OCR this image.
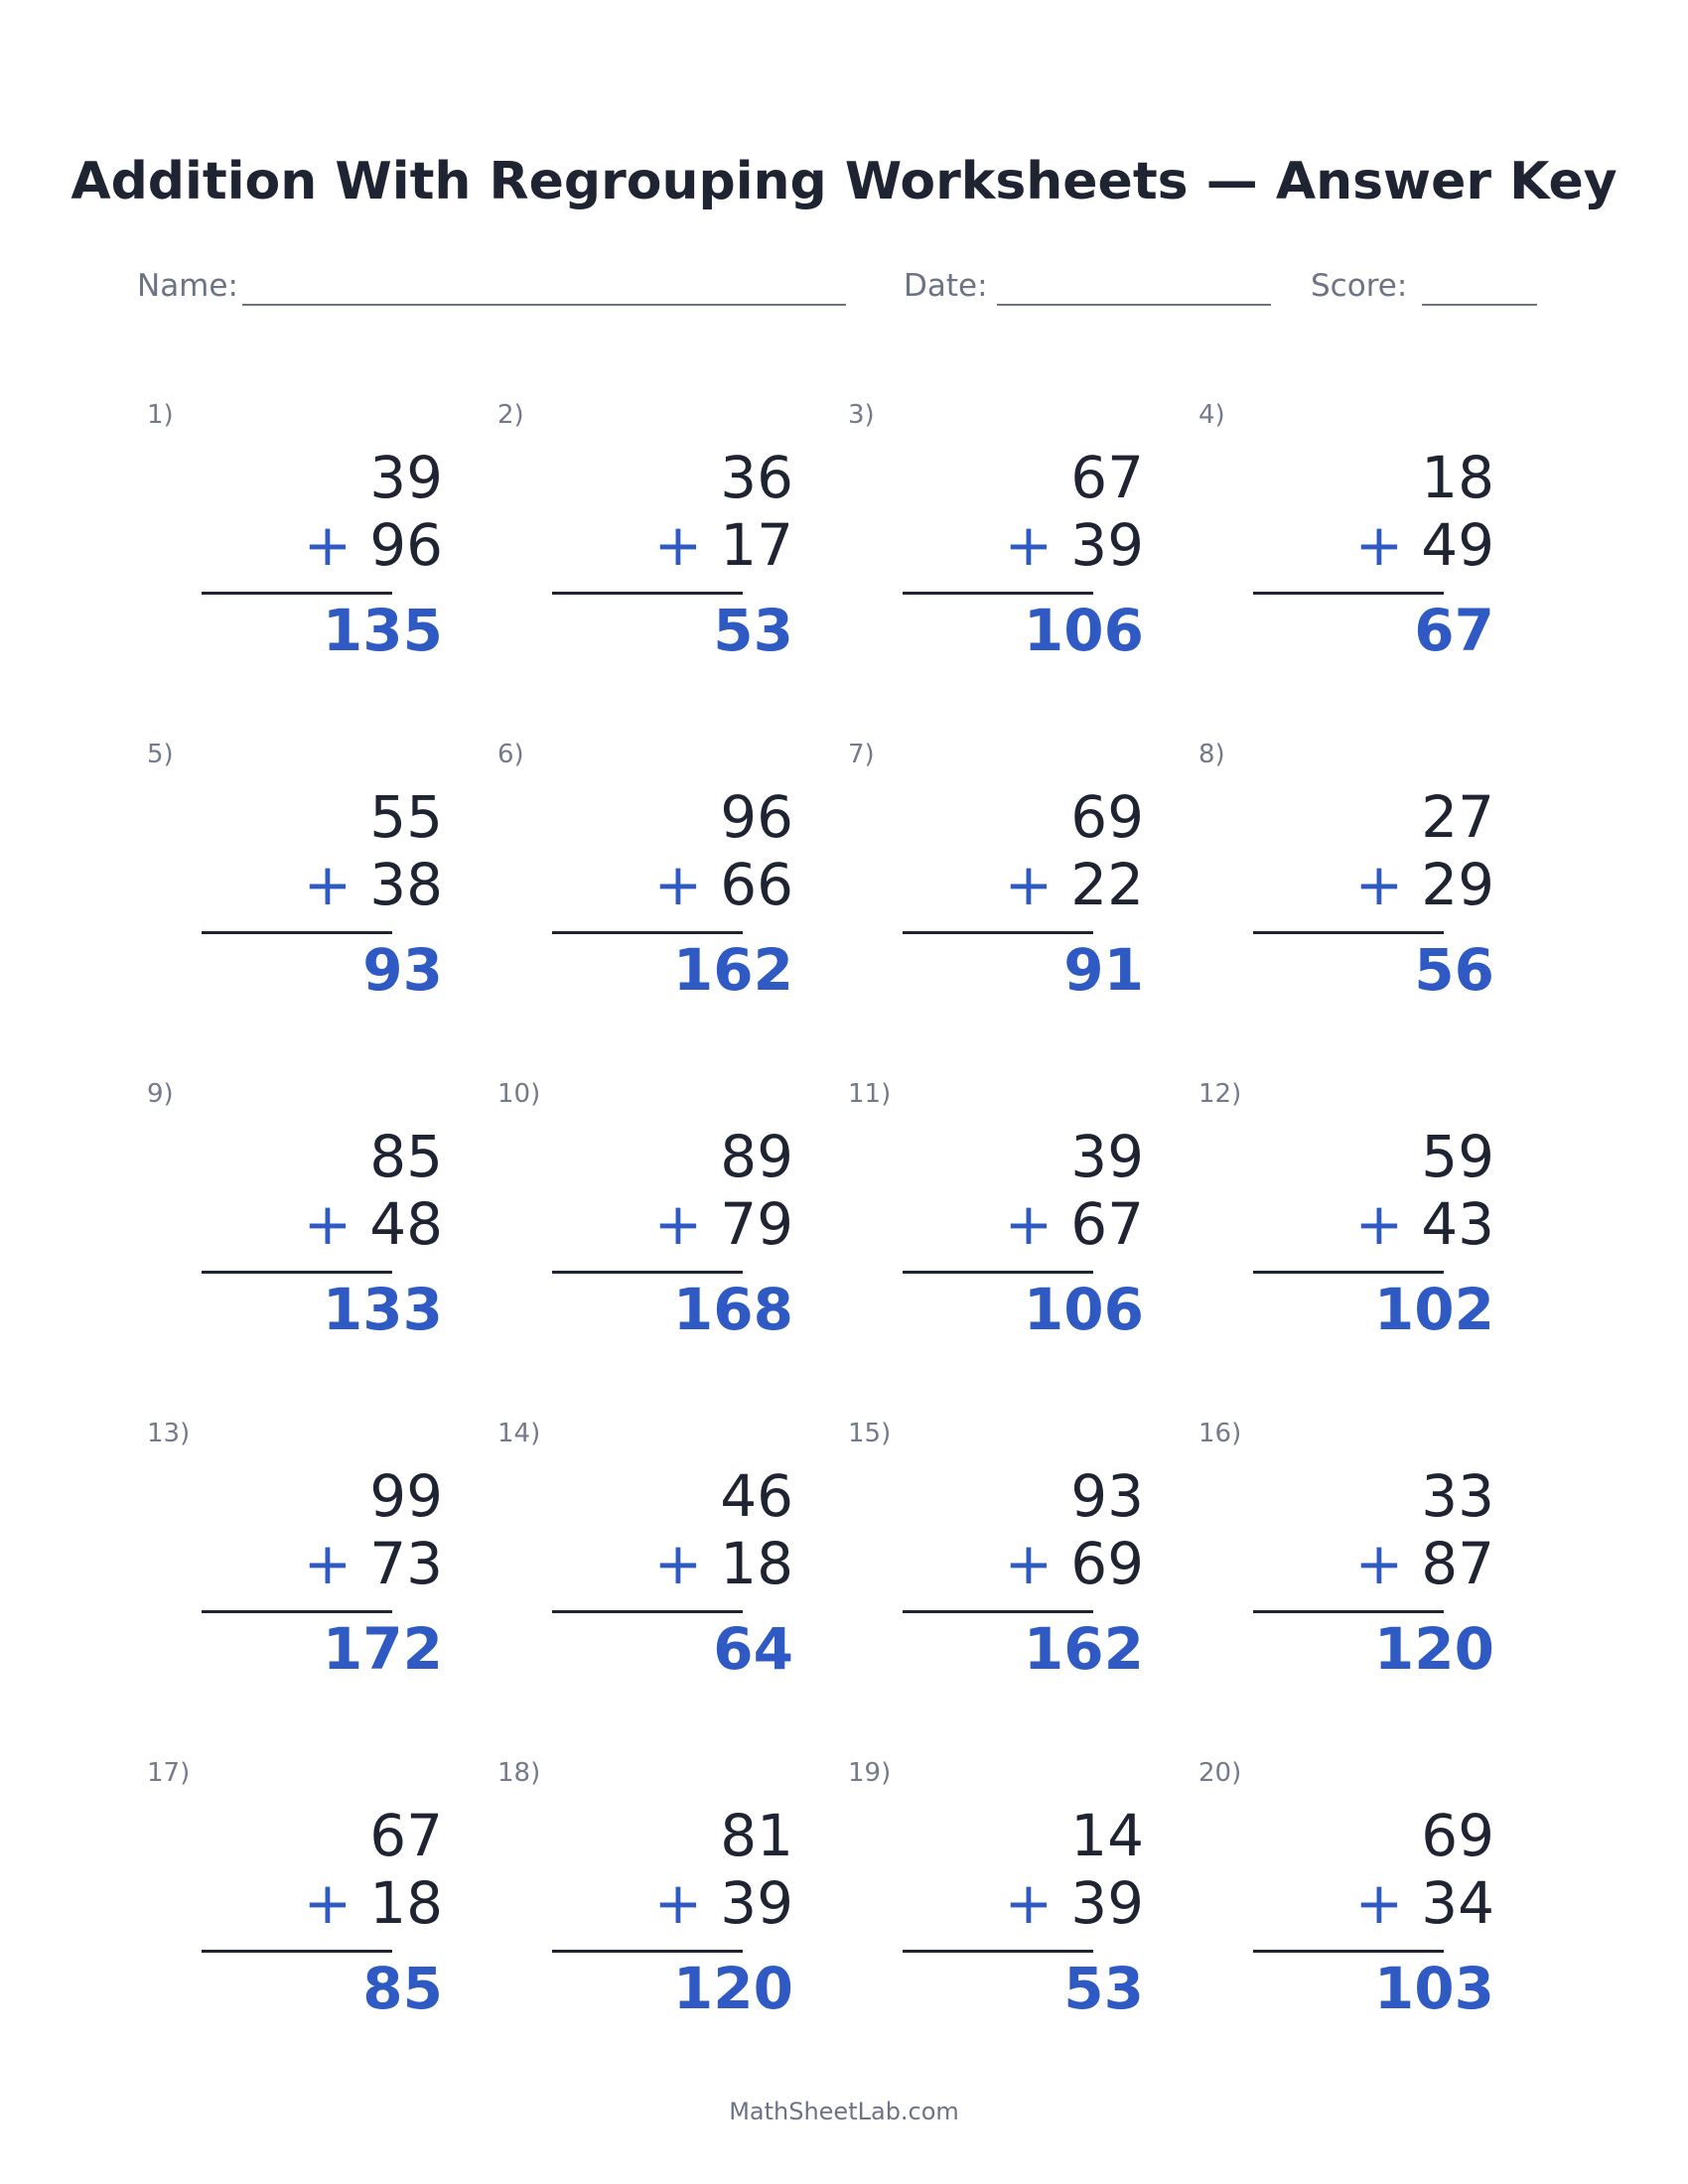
Addition With Regrouping Worksheets — Answer Key
Name:	Date:	Score:
1)
39
+ 96
135
2)
36
+ 17
53
3)
67
+ 39
106
4)
18
+ 49
67
5)
55
+ 38
93
6)
96
+ 66
162
7)
69
+ 22
91
8)
27
+ 29
56
9)
85
+ 48
133
10)
89
+ 79
168
11)
39
+ 67
106
12)
59
+ 43
102
13)
99
+ 73
172
14)
46
+ 18
64
15)
93
+ 69
162
16)
33
+ 87
120
17)
67
+ 18
85
18)
81
+ 39
120
19)
14
+ 39
53
20)
69
+ 34
103
MathSheetLab.com
